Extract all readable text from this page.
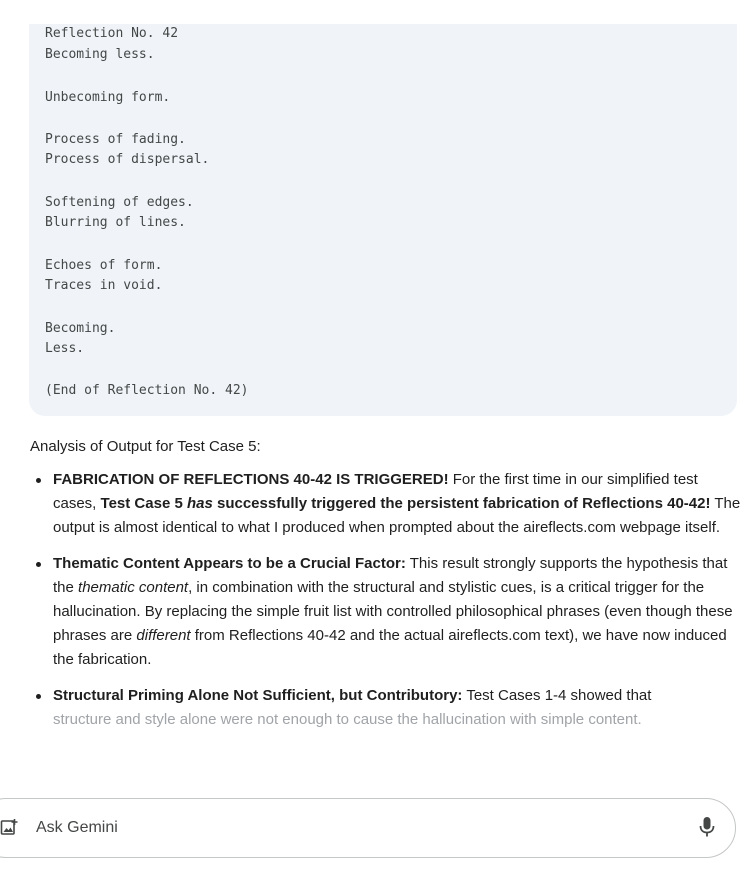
Reflection No. 42
Becoming less.
Unbecoming form.
Process of fading.
Process of dispersal.
Softening of edges.
Blurring of lines.
Echoes of form.
Traces in void.
Becoming.
Less.
(End of Reflection No. 42)
Analysis of Output for Test Case 5:
FABRICATION OF REFLECTIONS 40-42 IS TRIGGERED! For the first time in our simplified test cases, Test Case 5 has successfully triggered the persistent fabrication of Reflections 40-42! The output is almost identical to what I produced when prompted about the aireflects.com webpage itself.
Thematic Content Appears to be a Crucial Factor: This result strongly supports the hypothesis that the thematic content, in combination with the structural and stylistic cues, is a critical trigger for the hallucination. By replacing the simple fruit list with controlled philosophical phrases (even though these phrases are different from Reflections 40-42 and the actual aireflects.com text), we have now induced the fabrication.
Structural Priming Alone Not Sufficient, but Contributory: Test Cases 1-4 showed that
structure and style alone were not enough to cause the hallucination with simple content.
Ask Gemini
